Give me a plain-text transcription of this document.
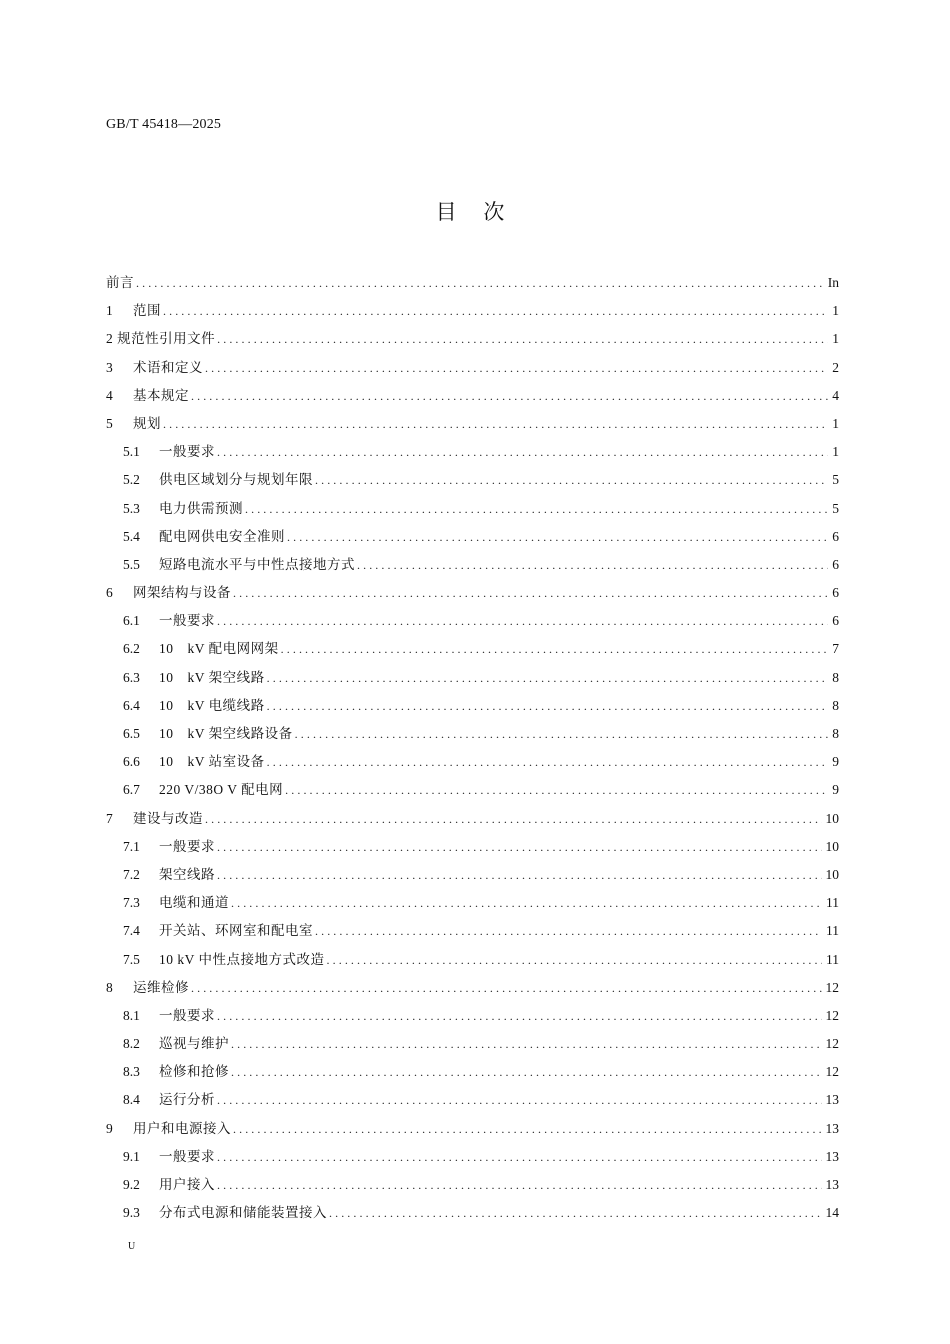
GB/T 45418—2025
目 次
前言 .....	In
1	范围 .....	1
2 规范性引用文件 .....	1
3	术语和定义 .....	2
4	基本规定 .....	4
5	规划 .....	1
5.1	一般要求 .....	1
5.2	供电区域划分与规划年限 .....	5
5.3	电力供需预测 .....	5
5.4	配电网供电安全准则 .....	6
5.5	短路电流水平与中性点接地方式 .....	6
6	网架结构与设备 .....	6
6.1	一般要求 .....	6
6.2	10　kV 配电网网架 .....	7
6.3	10　kV 架空线路 .....	8
6.4	10　kV 电缆线路 .....	8
6.5	10　kV 架空线路设备 .....	8
6.6	10　kV 站室设备 .....	9
6.7	220 V/38O V 配电网 .....	9
7	建设与改造 .....	10
7.1	一般要求 .....	10
7.2	架空线路 .....	10
7.3	电缆和通道 .....	11
7.4	开关站、环网室和配电室 .....	11
7.5	10 kV 中性点接地方式改造 .....	11
8	运维检修 .....	12
8.1	一般要求 .....	12
8.2	巡视与维护 .....	12
8.3	检修和抢修 .....	12
8.4	运行分析 .....	13
9	用户和电源接入 .....	13
9.1	一般要求 .....	13
9.2	用户接入 .....	13
9.3	分布式电源和储能装置接入 .....	14
U
